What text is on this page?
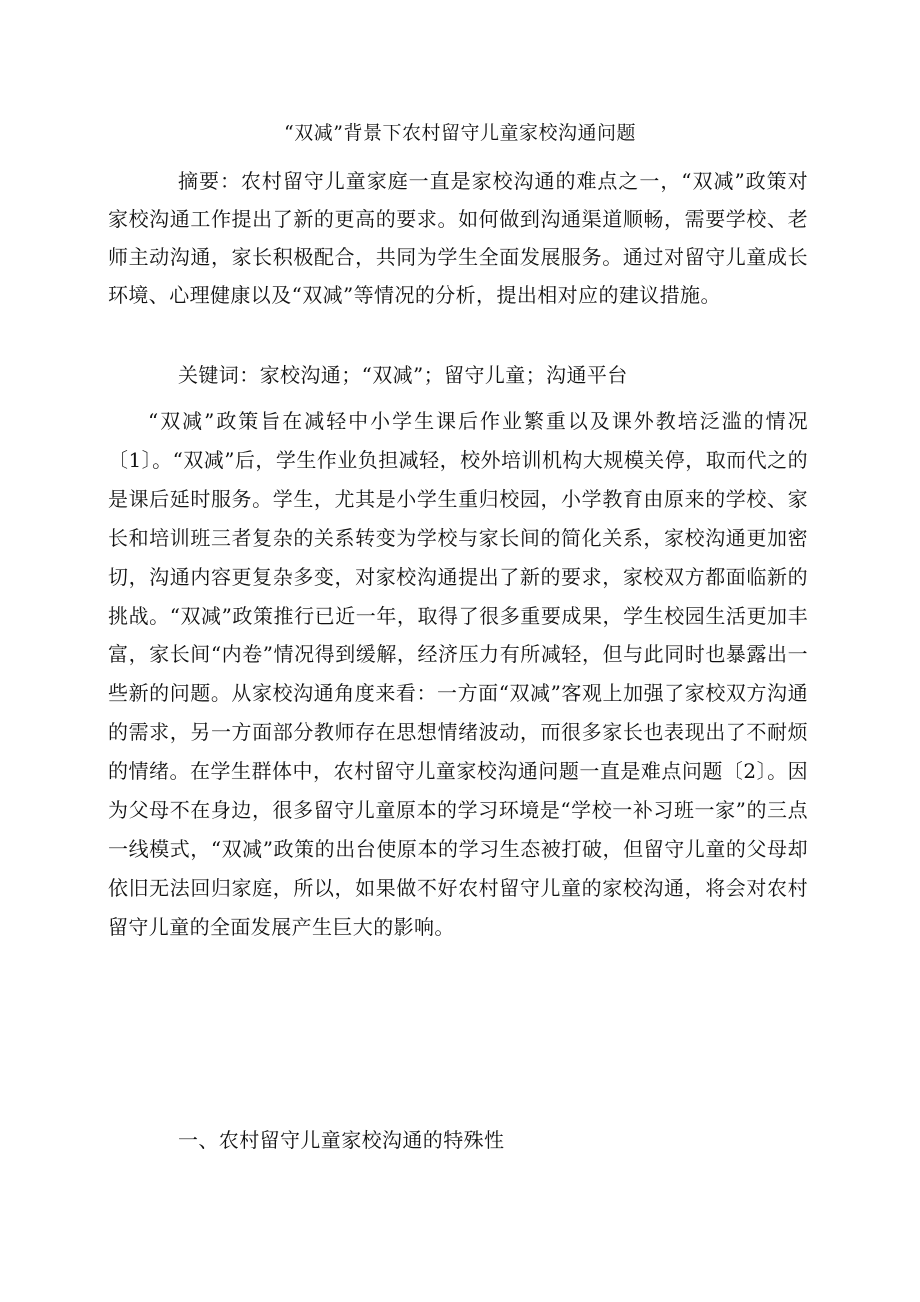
“双减”背景下农村留守儿童家校沟通问题

摘要：农村留守儿童家庭一直是家校沟通的难点之一，“双减”政策对家校沟通工作提出了新的更高的要求。如何做到沟通渠道顺畅，需要学校、老师主动沟通，家长积极配合，共同为学生全面发展服务。通过对留守儿童成长环境、心理健康以及“双减”等情况的分析，提出相对应的建议措施。

关键词：家校沟通；“双减”；留守儿童；沟通平台

“双减”政策旨在减轻中小学生课后作业繁重以及课外教培泛滥的情况〔1〕。“双减”后，学生作业负担减轻，校外培训机构大规模关停，取而代之的是课后延时服务。学生，尤其是小学生重归校园，小学教育由原来的学校、家长和培训班三者复杂的关系转变为学校与家长间的简化关系，家校沟通更加密切，沟通内容更复杂多变，对家校沟通提出了新的要求，家校双方都面临新的挑战。“双减”政策推行已近一年，取得了很多重要成果，学生校园生活更加丰富，家长间“内卷”情况得到缓解，经济压力有所减轻，但与此同时也暴露出一些新的问题。从家校沟通角度来看：一方面“双减”客观上加强了家校双方沟通的需求，另一方面部分教师存在思想情绪波动，而很多家长也表现出了不耐烦的情绪。在学生群体中，农村留守儿童家校沟通问题一直是难点问题〔2〕。因为父母不在身边，很多留守儿童原本的学习环境是“学校一补习班一家”的三点一线模式，“双减”政策的出台使原本的学习生态被打破，但留守儿童的父母却依旧无法回归家庭，所以，如果做不好农村留守儿童的家校沟通，将会对农村留守儿童的全面发展产生巨大的影响。

一、农村留守儿童家校沟通的特殊性
